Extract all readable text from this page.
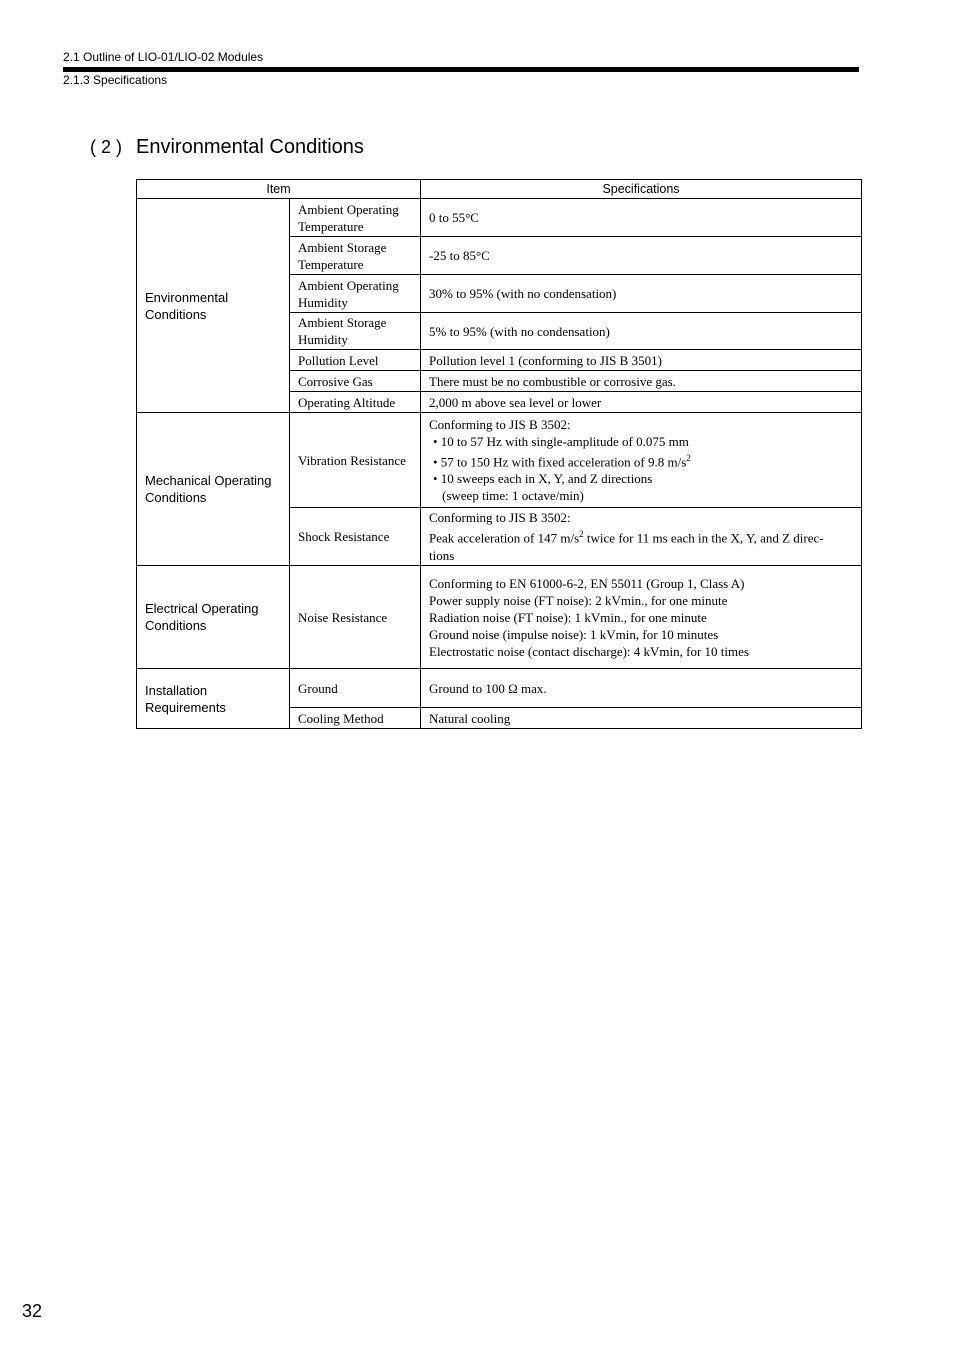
2.1 Outline of LIO-01/LIO-02 Modules
2.1.3 Specifications
( 2 ) Environmental Conditions
Item		Specifications
Environmental Conditions	Ambient Operating Temperature	0 to 55°C
	Ambient Storage Temperature	-25 to 85°C
	Ambient Operating Humidity	30% to 95% (with no condensation)
	Ambient Storage Humidity	5% to 95% (with no condensation)
	Pollution Level	Pollution level 1 (conforming to JIS B 3501)
	Corrosive Gas	There must be no combustible or corrosive gas.
	Operating Altitude	2,000 m above sea level or lower
Mechanical Operating Conditions	Vibration Resistance	Conforming to JIS B 3502:
• 10 to 57 Hz with single-amplitude of 0.075 mm
• 57 to 150 Hz with fixed acceleration of 9.8 $m/s^2$
• 10 sweeps each in X, Y, and Z directions
(sweep time: 1 octave/min)

	Shock Resistance	Conforming to JIS B 3502:
Peak acceleration of 147 $m/s^2$ twice for 11 ms each in the X, Y, and Z direc-
tions

Electrical Operating Conditions	Noise Resistance	Conforming to EN 61000-6-2, EN 55011 (Group 1, Class A)
Power supply noise (FT noise): 2 kVmin., for one minute
Radiation noise (FT noise): 1 kVmin., for one minute
Ground noise (impulse noise): 1 kVmin, for 10 minutes
Electrostatic noise (contact discharge): 4 kVmin, for 10 times

Installation Requirements	Ground	Ground to 100 Ω max.
	Cooling Method	Natural cooling
32
